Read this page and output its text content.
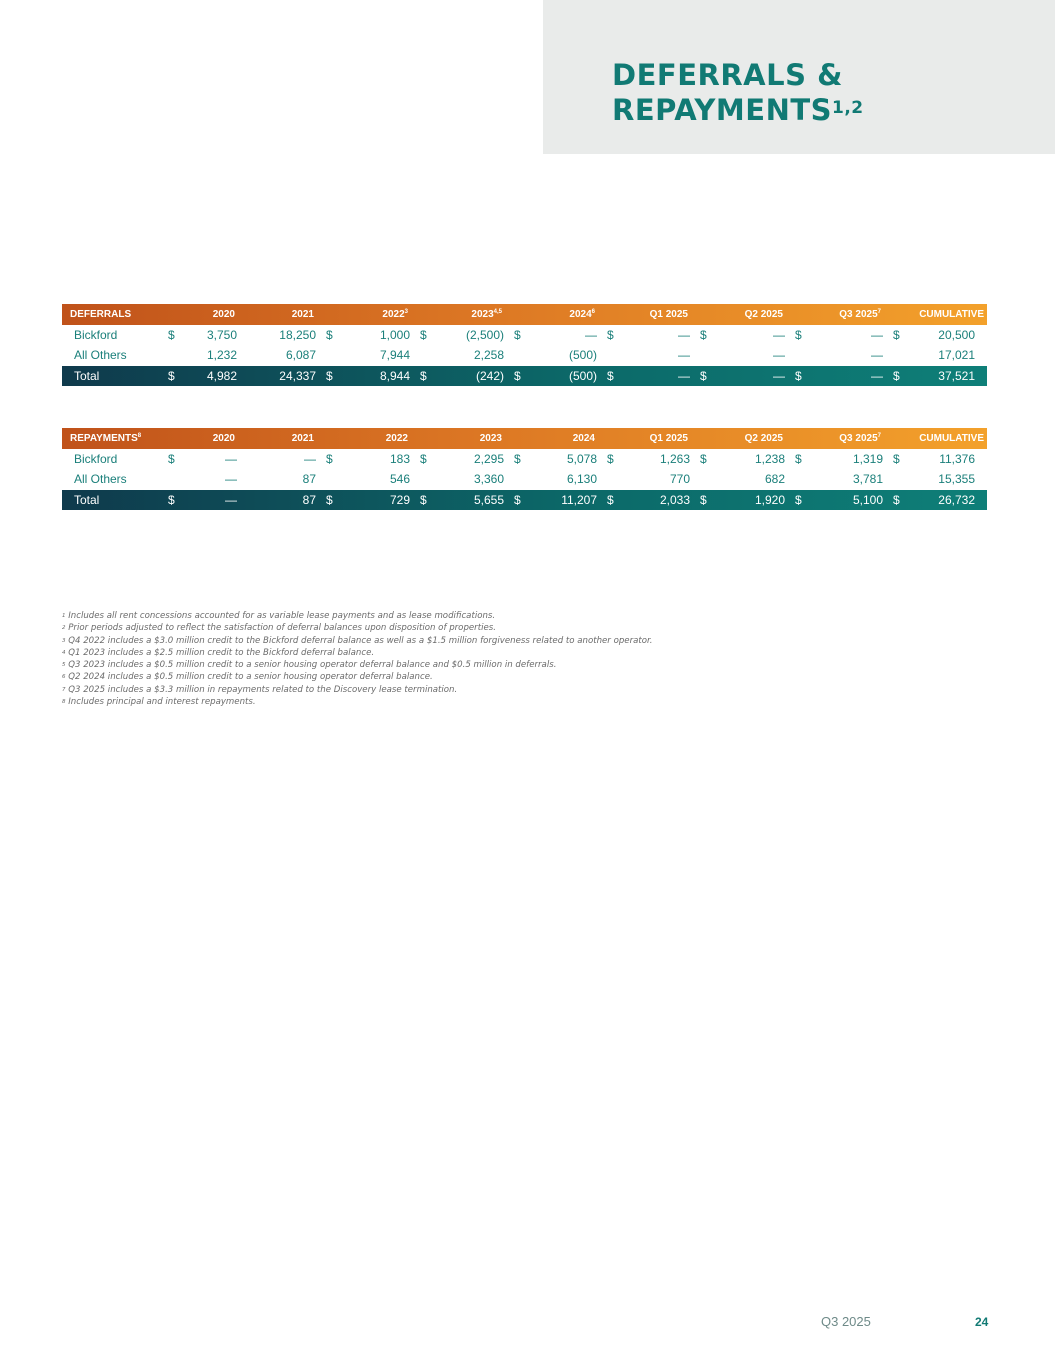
DEFERRALS &
REPAYMENTS$^{1,2}$
DEFERRALS	2020		2021	2022$^3$		2023$^{4,5}$		2024$^6$		Q1 2025		Q2 2025		Q3 2025$^7$		CUMULATIVE	
Bickford	$	3,750	18,250	$	1,000	$	(2,500)	$	—	$	—	$	—	$	—	$	20,500
All Others		1,232	6,087		7,944		2,258		(500)		—		—		—		17,021
Total	$	4,982	24,337	$	8,944	$	(242)	$	(500)	$	—	$	—	$	—	$	37,521
REPAYMENTS$^8$	2020		2021	2022		2023		2024		Q1 2025		Q2 2025		Q3 2025$^7$		CUMULATIVE	
Bickford	$	—	—	$	183	$	2,295	$	5,078	$	1,263	$	1,238	$	1,319	$	11,376
All Others		—	87		546		3,360		6,130		770		682		3,781		15,355
Total	$	—	87	$	729	$	5,655	$	11,207	$	2,033	$	1,920	$	5,100	$	26,732
$^1$ Includes all rent concessions accounted for as variable lease payments and as lease modifications.
$^2$ Prior periods adjusted to reflect the satisfaction of deferral balances upon disposition of properties.
$^3$ Q4 2022 includes a $3.0 million credit to the Bickford deferral balance as well as a $1.5 million forgiveness related to another operator.
$^4$ Q1 2023 includes a $2.5 million credit to the Bickford deferral balance.
$^5$ Q3 2023 includes a $0.5 million credit to a senior housing operator deferral balance and $0.5 million in deferrals.
$^6$ Q2 2024 includes a $0.5 million credit to a senior housing operator deferral balance.
$^7$ Q3 2025 includes a $3.3 million in repayments related to the Discovery lease termination.
$^8$ Includes principal and interest repayments.
Q3 2025	24
